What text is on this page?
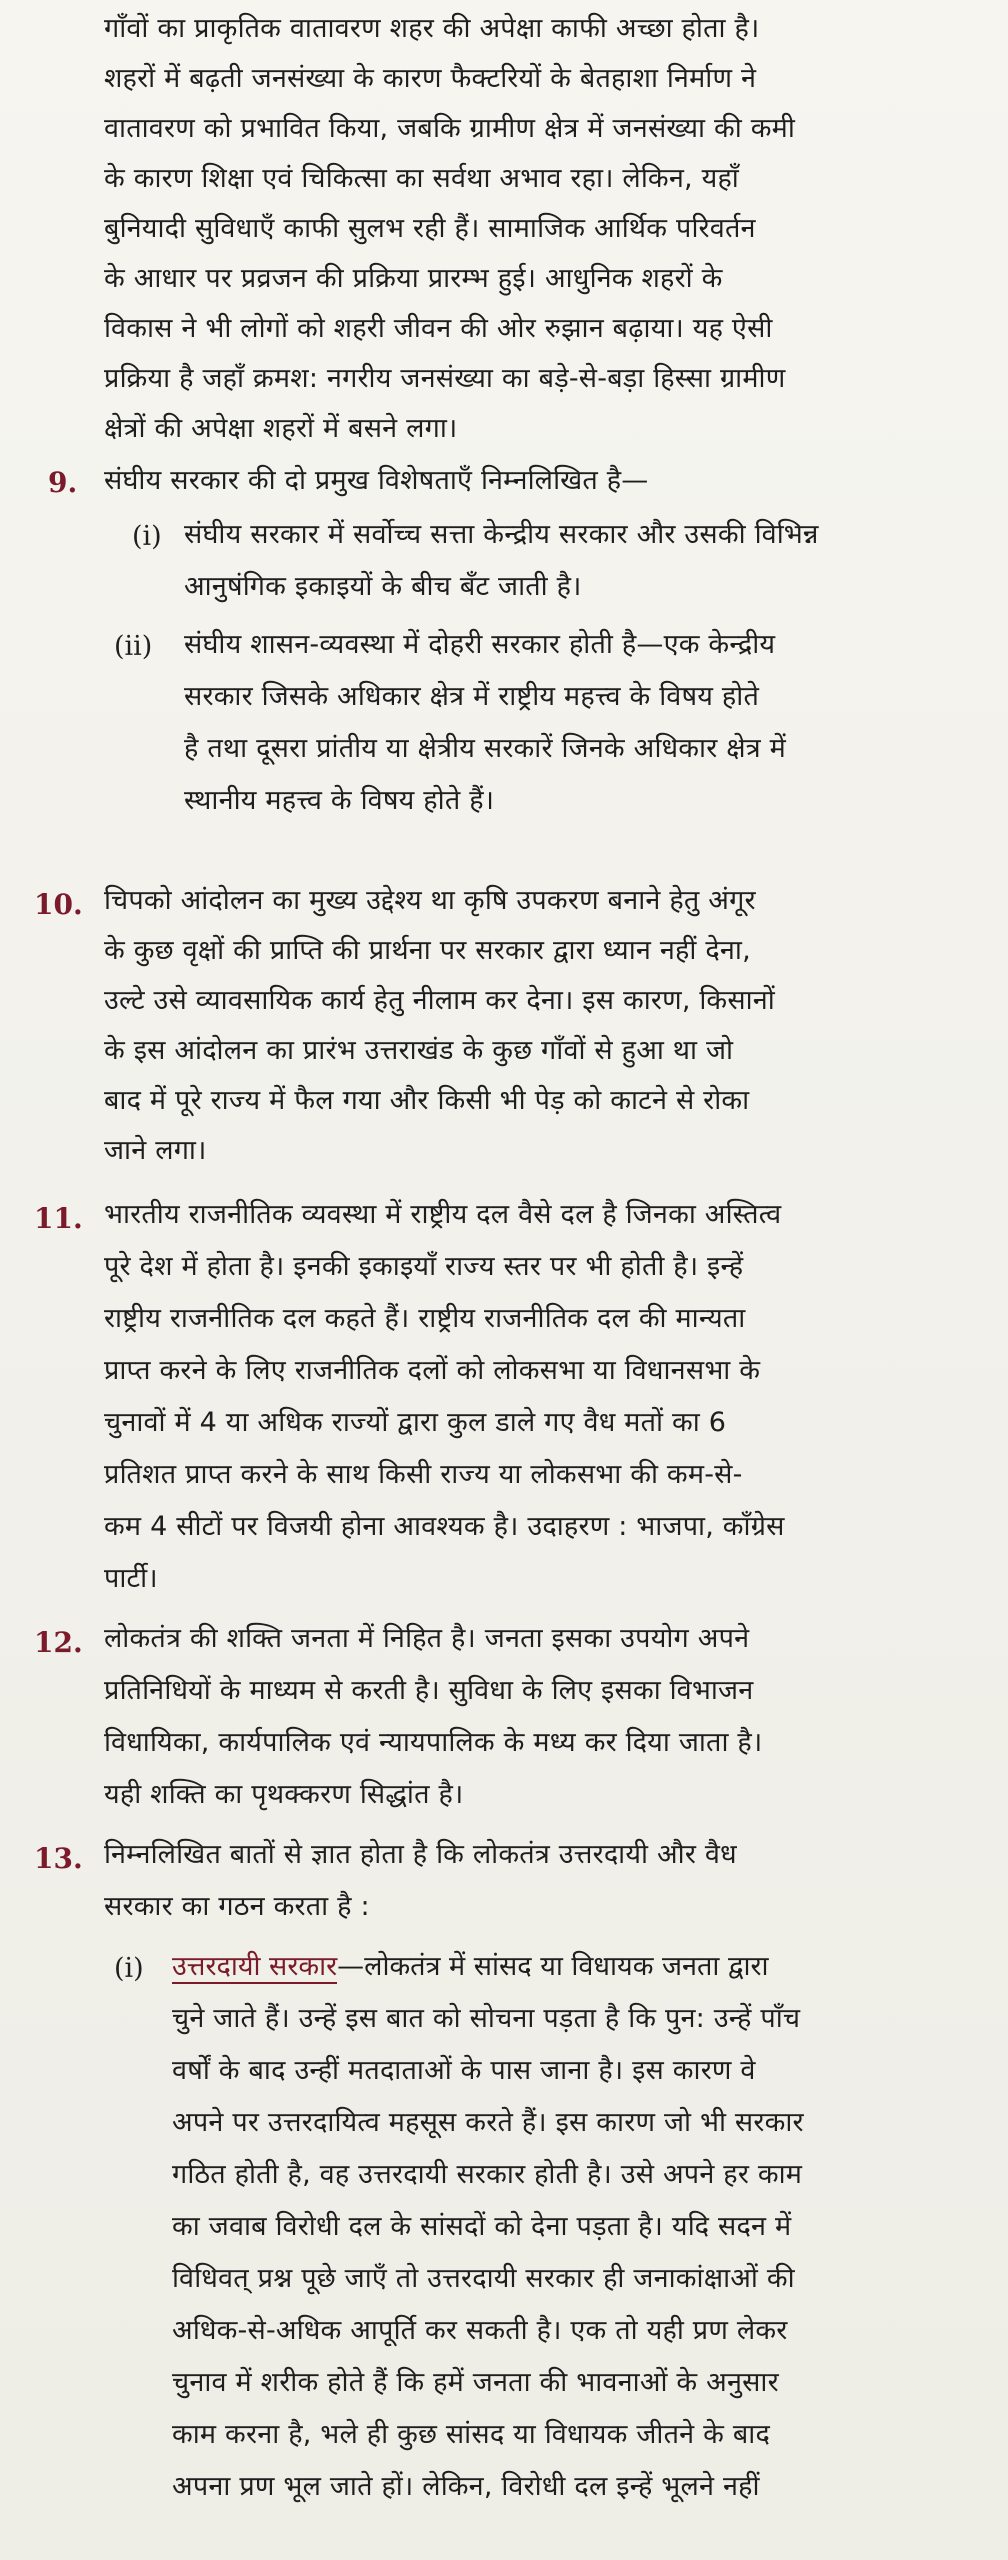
गाँवों का प्राकृतिक वातावरण शहर की अपेक्षा काफी अच्छा होता है।
शहरों में बढ़ती जनसंख्या के कारण फैक्टरियों के बेतहाशा निर्माण ने
वातावरण को प्रभावित किया, जबकि ग्रामीण क्षेत्र में जनसंख्या की कमी
के कारण शिक्षा एवं चिकित्सा का सर्वथा अभाव रहा। लेकिन, यहाँ
बुनियादी सुविधाएँ काफी सुलभ रही हैं। सामाजिक आर्थिक परिवर्तन
के आधार पर प्रव्रजन की प्रक्रिया प्रारम्भ हुई। आधुनिक शहरों के
विकास ने भी लोगों को शहरी जीवन की ओर रुझान बढ़ाया। यह ऐसी
प्रक्रिया है जहाँ क्रमश: नगरीय जनसंख्या का बड़े-से-बड़ा हिस्सा ग्रामीण
क्षेत्रों की अपेक्षा शहरों में बसने लगा।
9. संघीय सरकार की दो प्रमुख विशेषताएँ निम्नलिखित है—
(i) संघीय सरकार में सर्वोच्च सत्ता केन्द्रीय सरकार और उसकी विभिन्न
आनुषंगिक इकाइयों के बीच बँट जाती है।
(ii) संघीय शासन-व्यवस्था में दोहरी सरकार होती है—एक केन्द्रीय
सरकार जिसके अधिकार क्षेत्र में राष्ट्रीय महत्त्व के विषय होते
है तथा दूसरा प्रांतीय या क्षेत्रीय सरकारें जिनके अधिकार क्षेत्र में
स्थानीय महत्त्व के विषय होते हैं।
10. चिपको आंदोलन का मुख्य उद्देश्य था कृषि उपकरण बनाने हेतु अंगूर
के कुछ वृक्षों की प्राप्ति की प्रार्थना पर सरकार द्वारा ध्यान नहीं देना,
उल्टे उसे व्यावसायिक कार्य हेतु नीलाम कर देना। इस कारण, किसानों
के इस आंदोलन का प्रारंभ उत्तराखंड के कुछ गाँवों से हुआ था जो
बाद में पूरे राज्य में फैल गया और किसी भी पेड़ को काटने से रोका
जाने लगा।
11. भारतीय राजनीतिक व्यवस्था में राष्ट्रीय दल वैसे दल है जिनका अस्तित्व
पूरे देश में होता है। इनकी इकाइयाँ राज्य स्तर पर भी होती है। इन्हें
राष्ट्रीय राजनीतिक दल कहते हैं। राष्ट्रीय राजनीतिक दल की मान्यता
प्राप्त करने के लिए राजनीतिक दलों को लोकसभा या विधानसभा के
चुनावों में 4 या अधिक राज्यों द्वारा कुल डाले गए वैध मतों का 6
प्रतिशत प्राप्त करने के साथ किसी राज्य या लोकसभा की कम-से-
कम 4 सीटों पर विजयी होना आवश्यक है। उदाहरण : भाजपा, काँग्रेस
पार्टी।
12. लोकतंत्र की शक्ति जनता में निहित है। जनता इसका उपयोग अपने
प्रतिनिधियों के माध्यम से करती है। सुविधा के लिए इसका विभाजन
विधायिका, कार्यपालिक एवं न्यायपालिक के मध्य कर दिया जाता है।
यही शक्ति का पृथक्करण सिद्धांत है।
13. निम्नलिखित बातों से ज्ञात होता है कि लोकतंत्र उत्तरदायी और वैध
सरकार का गठन करता है :
(i) उत्तरदायी सरकार—लोकतंत्र में सांसद या विधायक जनता द्वारा
चुने जाते हैं। उन्हें इस बात को सोचना पड़ता है कि पुन: उन्हें पाँच
वर्षों के बाद उन्हीं मतदाताओं के पास जाना है। इस कारण वे
अपने पर उत्तरदायित्व महसूस करते हैं। इस कारण जो भी सरकार
गठित होती है, वह उत्तरदायी सरकार होती है। उसे अपने हर काम
का जवाब विरोधी दल के सांसदों को देना पड़ता है। यदि सदन में
विधिवत् प्रश्न पूछे जाएँ तो उत्तरदायी सरकार ही जनाकांक्षाओं की
अधिक-से-अधिक आपूर्ति कर सकती है। एक तो यही प्रण लेकर
चुनाव में शरीक होते हैं कि हमें जनता की भावनाओं के अनुसार
काम करना है, भले ही कुछ सांसद या विधायक जीतने के बाद
अपना प्रण भूल जाते हों। लेकिन, विरोधी दल इन्हें भूलने नहीं
